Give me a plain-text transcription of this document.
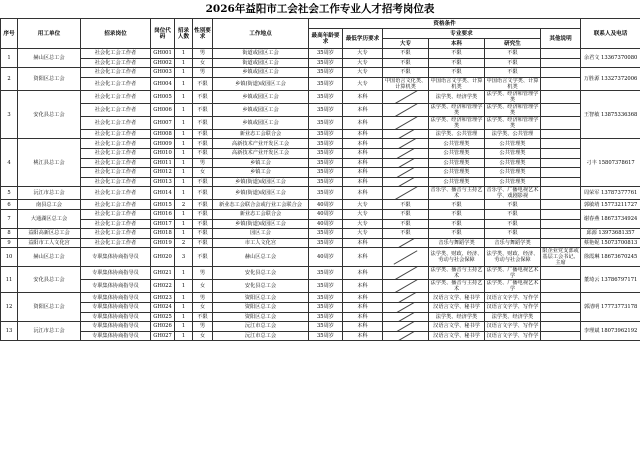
2026年益阳市工会社会工作专业人才招考岗位表
序号	用工单位	招录岗位	岗位代码	招录人数	性别要求	工作地点	资格条件						联系人及电话
							最高年龄要求	最低学历要求	专业要求			其他说明	
									大专	本科	研究生		
1	赫山区总工会	社会化工会工作者	GH001	1	男	街道或园区工会	35周岁	大专	不限	不限	不限		余君文 13367370080
		社会化工会工作者	GH002	1	女	街道或园区工会	35周岁	大专	不限	不限	不限		
2	资阳区总工会	社会化工会工作者	GH003	1	男	乡镇或园区工会	35周岁	大专	不限	不限	不限		万胜源 13327372006
		社会化工会工作者	GH004	1	不限	乡镇(街道)或园区工会	35周岁	大专	中国语言文化类、计算机类	中国语言文学类、计算机类	中国语言文学类、计算机类		
3	安化县总工会	社会化工会工作者	GH005	1	不限	乡镇或园区工会	35周岁	本科		法学类、经济学类	法学类、经济和管理学类		王智敏 13875336368
		社会化工会工作者	GH006	1	不限	乡镇或园区工会	35周岁	本科		法学类、经济和管理学类	法学类、经济和管理学类		
		社会化工会工作者	GH007	1	不限	乡镇或园区工会	35周岁	本科		法学类、经济和管理学类	法学类、经济和管理学类		
		社会化工会工作者	GH008	1	不限	新业态工会联合会	35周岁	本科		法学类、公共管理	法学类、公共管理		
4	桃江县总工会	社会化工会工作者	GH009	1	不限	高新技术产业开发区工会	35周岁	本科		公共管理类	公共管理类		刁丰 15807378617
		社会化工会工作者	GH010	1	不限	高新技术产业开发区工会	35周岁	本科		公共管理类	公共管理类		
		社会化工会工作者	GH011	1	男	乡镇工会	35周岁	本科		公共管理类	公共管理类		
		社会化工会工作者	GH012	1	女	乡镇工会	35周岁	本科		公共管理类	公共管理类		
		社会化工会工作者	GH013	1	不限	乡镇(街道)或园区工会	35周岁	本科		公共管理类	公共管理类		
5	沅江市总工会	社会化工会工作者	GH014	1	不限	乡镇(街道)或园区工会	35周岁	本科		音乐学、播音与主持艺术	音乐学、广播电视艺术学、戏剧影视		周荣军 13787377761
6	南县总工会	社会化工会工作者	GH015	2	不限	新业态工会联合会或行业工会联合会	40周岁	大专	不限	不限	不限		郭敏靖 15773211727
7	大通湖区总工会	社会化工会工作者	GH016	1	不限	新业态工会联合会	40周岁	大专	不限	不限	不限		谢春燕 18673734924
		社会化工会工作者	GH017	1	不限	乡镇(街道)或园区工会	40周岁	大专	不限	不限	不限		
8	益阳高新区总工会	社会化工会工作者	GH018	1	不限	园区工会	35周岁	大专	不限	不限	不限		邱源 13973681357
9	益阳市工人文化宫	社会化工会工作者	GH019	2	不限	市工人文化宫	35周岁	本科		音乐与舞蹈学类	音乐与舞蹈学类		蔡艳妮 15073700813
10	赫山区总工会	专职集体协商指导员	GH020	3	不限	赫山区总工会	40周岁	本科		法学类、财政、经济、劳动与社会保障	法学类、财政、经济、劳动与社会保障	限企业党支部或基层工会书记、主席	徐霞琳 18673670245
11	安化县总工会	专职集体协商指导员	GH021	1	男	安化县总工会	35周岁	本科		法学类、播音与主持艺术	法学类、广播电视艺术学		董琦云 13786797171
		专职集体协商指导员	GH022	1	女	安化县总工会	35周岁	本科		法学类、播音与主持艺术	法学类、广播电视艺术学		
12	资阳区总工会	专职集体协商指导员	GH023	1	男	资阳区总工会	35周岁	本科		汉语言文学、秘书学	汉语言文字学、写作学		郭清明 17773773178
		专职集体协商指导员	GH024	1	女	资阳区总工会	35周岁	本科		汉语言文学、秘书学	汉语言文字学、写作学		
		专职集体协商指导员	GH025	1	不限	资阳区总工会	35周岁	本科		法学类、经济学类	法学类、经济学类		
13	沅江市总工会	专职集体协商指导员	GH026	1	男	沅江市总工会	35周岁	本科		汉语言文学、秘书学	汉语言文字学、写作学		李理斌 18073962192
		专职集体协商指导员	GH027	1	女	沅江市总工会	35周岁	本科		汉语言文学、秘书学	汉语言文字学、写作学		
